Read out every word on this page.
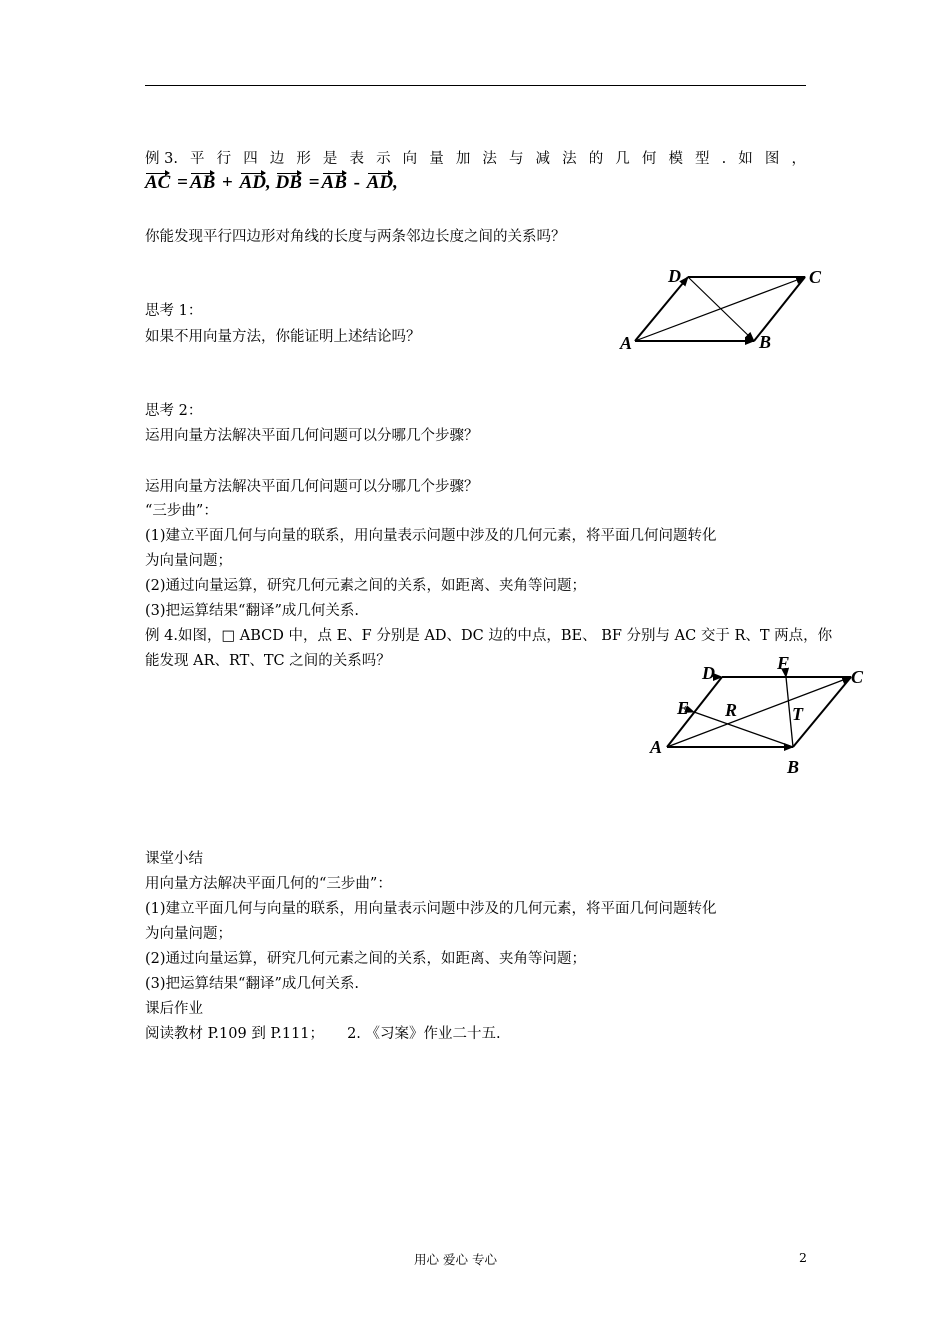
例 3. 平 行 四 边 形 是 表 示 向 量 加 法 与 减 法 的 几 何 模 型 . 如 图 ，
AC = AB + AD, DB = AB - AD,
你能发现平行四边形对角线的长度与两条邻边长度之间的关系吗？
A	B
C
D
思考 1：
如果不用向量方法，你能证明上述结论吗？
思考 2：
运用向量方法解决平面几何问题可以分哪几个步骤？
运用向量方法解决平面几何问题可以分哪几个步骤？
“三步曲”：
(1)建立平面几何与向量的联系，用向量表示问题中涉及的几何元素，将平面几何问题转化
为向量问题；
(2)通过向量运算，研究几何元素之间的关系，如距离、夹角等问题；
(3)把运算结果“翻译”成几何关系.
例 4.如图，□ ABCD 中，点 E、F 分别是 AD、DC 边的中点，BE、 BF 分别与 AC 交于 R、T 两点，你
能发现 AR、RT、TC 之间的关系吗？
A
B
C
D
E
F
R	T
课堂小结
用向量方法解决平面几何的“三步曲”：
(1)建立平面几何与向量的联系，用向量表示问题中涉及的几何元素，将平面几何问题转化
为向量问题；
(2)通过向量运算，研究几何元素之间的关系，如距离、夹角等问题；
(3)把运算结果“翻译”成几何关系.
课后作业
阅读教材 P.109 到 P.111；     2. 《习案》作业二十五.
用心 爱心 专心	2
